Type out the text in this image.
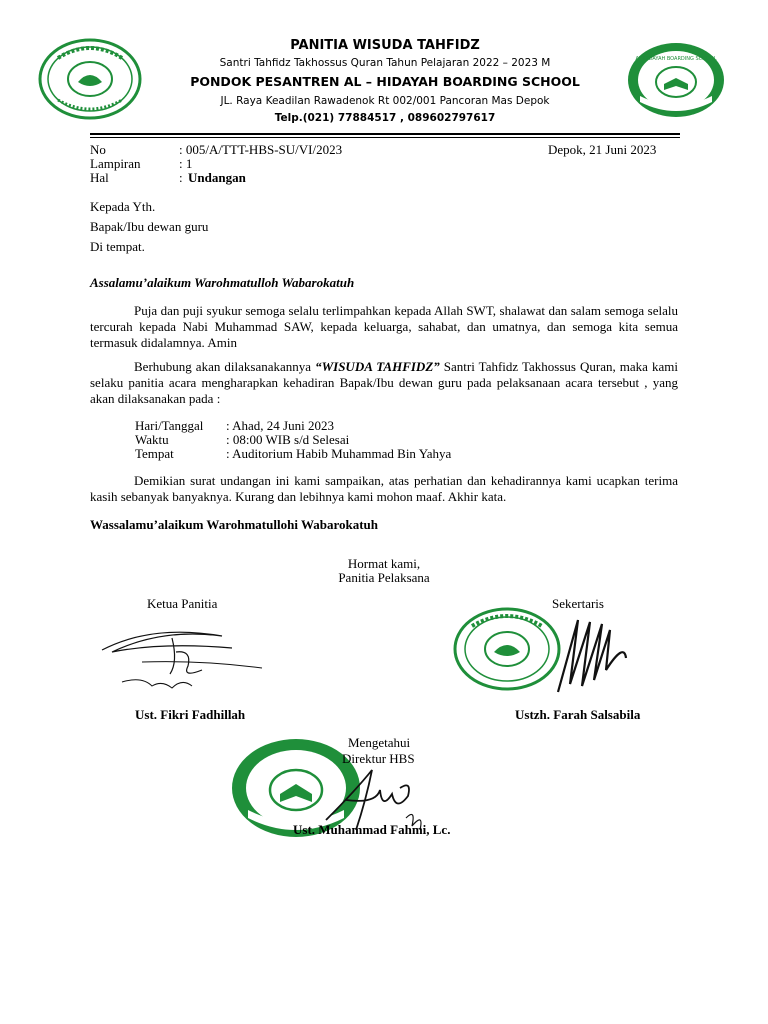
AL-HIDAYAH BOARDING SCHOOL
PANITIA WISUDA TAHFIDZ
Santri Tahfidz Takhossus Quran Tahun Pelajaran 2022 – 2023 M
PONDOK PESANTREN AL – HIDAYAH BOARDING SCHOOL
JL. Raya Keadilan Rawadenok Rt 002/001 Pancoran Mas Depok
Telp.(021) 77884517 , 089602797617
No	: 005/A/TTT-HBS-SU/VI/2023	Depok, 21 Juni 2023
Lampiran	: 1
Hal	: Undangan
Kepada Yth.
Bapak/Ibu dewan guru
Di tempat.
Assalamu’alaikum Warohmatulloh Wabarokatuh
Puja dan puji syukur semoga selalu terlimpahkan kepada Allah SWT, shalawat dan salam semoga selalu tercurah kepada Nabi Muhammad SAW, kepada keluarga, sahabat, dan umatnya, dan semoga kita semua termasuk didalamnya. Amin
Berhubung akan dilaksanakannya “WISUDA TAHFIDZ” Santri Tahfidz Takhossus Quran, maka kami selaku panitia acara mengharapkan kehadiran Bapak/Ibu dewan guru pada pelaksanaan acara tersebut , yang akan dilaksanakan pada :
Hari/Tanggal : Ahad, 24 Juni 2023
Waktu	: 08:00 WIB s/d Selesai
Tempat	: Auditorium Habib Muhammad Bin Yahya
Demikian surat undangan ini kami sampaikan, atas perhatian dan kehadirannya kami ucapkan terima kasih sebanyak banyaknya. Kurang dan lebihnya kami mohon maaf. Akhir kata.
Wassalamu’alaikum Warohmatullohi Wabarokatuh
Hormat kami,
Panitia Pelaksana
Ketua Panitia	Sekertaris
Ust. Fikri Fadhillah	Ustzh. Farah Salsabila
Mengetahui
Direktur HBS
Ust. Muhammad Fahmi, Lc.
